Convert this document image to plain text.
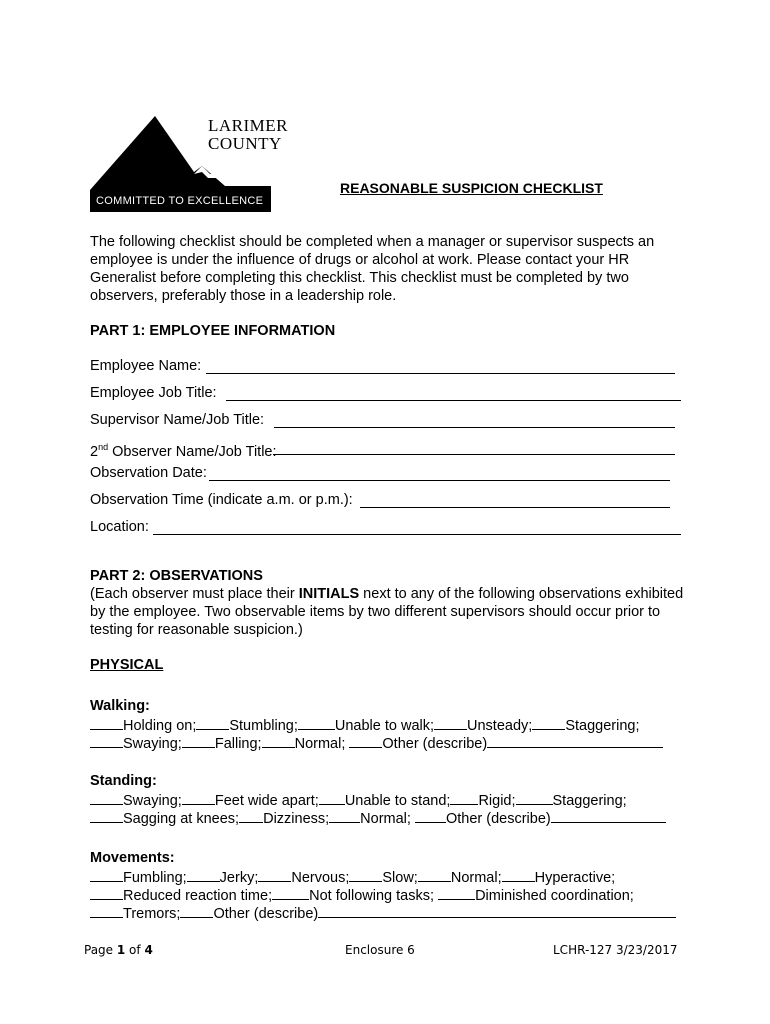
LARIMER
COUNTY
COMMITTED TO EXCELLENCE
REASONABLE SUSPICION CHECKLIST
The following checklist should be completed when a manager or supervisor suspects an employee is under the influence of drugs or alcohol at work. Please contact your HR Generalist before completing this checklist. This checklist must be completed by two observers, preferably those in a leadership role.
PART 1: EMPLOYEE INFORMATION
Employee Name:
Employee Job Title:
Supervisor Name/Job Title:
2nd Observer Name/Job Title:
Observation Date:
Observation Time (indicate a.m. or p.m.):
Location:
PART 2: OBSERVATIONS
(Each observer must place their INITIALS next to any of the following observations exhibited by the employee. Two observable items by two different supervisors should occur prior to testing for reasonable suspicion.)
PHYSICAL
Walking:
Holding on; Stumbling;	Unable to walk; Unsteady; Staggering;
Swaying; Falling; Normal; Other (describe)
Standing:
Swaying; Feet wide apart; Unable to stand; Rigid;	Staggering;
Sagging at knees; Dizziness; Normal; Other (describe)
Movements:
Fumbling; Jerky; Nervous; Slow; Normal; Hyperactive;
Reduced reaction time;	Not following tasks;	Diminished coordination;
Tremors; Other (describe)
Page 1 of 4	Enclosure 6	LCHR-127 3/23/2017
